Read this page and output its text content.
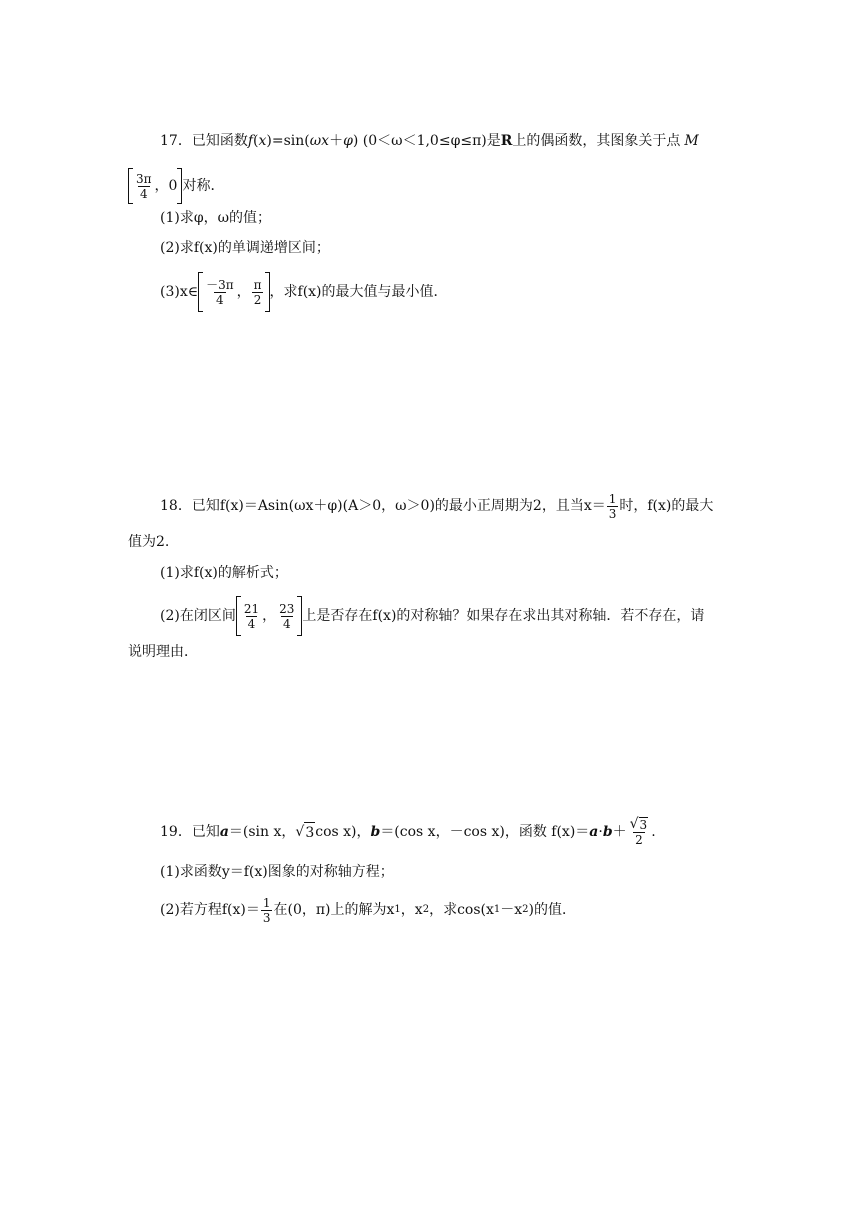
17．已知函数 f ( x ) =sin( ω x ＋ φ ) (0＜ω＜1,0≤φ≤π)是 R 上的偶函数，其图象关于点 M
$\frac{3\pi}{4}$ ，0 对称．
(1)求φ，ω的值；
(2)求f(x)的单调递增区间；
(3)x∈ $\frac{-3\pi}{4}$ ， $\frac{\pi}{2}$ ，求f(x)的最大值与最小值．
18．已知f(x)＝Asin(ωx＋φ)(A＞0，ω＞0)的最小正周期为2，且当$x= \frac{1}{3}$ 时，f(x)的最大
值为2.
(1)求f(x)的解析式；
(2)在闭区间 $\frac{21}{4}$ ， $\frac{23}{4}$ 上是否存在f(x)的对称轴？如果存在求出其对称轴．若不存在，请
说明理由．
19．已知 a ＝(sin x， √ 3 cos x)， b ＝(cos x，－cos x)，函数 $f(x)= a \cdot b + \frac{√ 3}{2}$ .
(1)求函数y＝f(x)图象的对称轴方程；
(2)若方程$f(x)= \frac{1}{3}$ 在(0，π)上的解为x 1 ，x 2 ，求cos(x 1 －x 2 )的值．
